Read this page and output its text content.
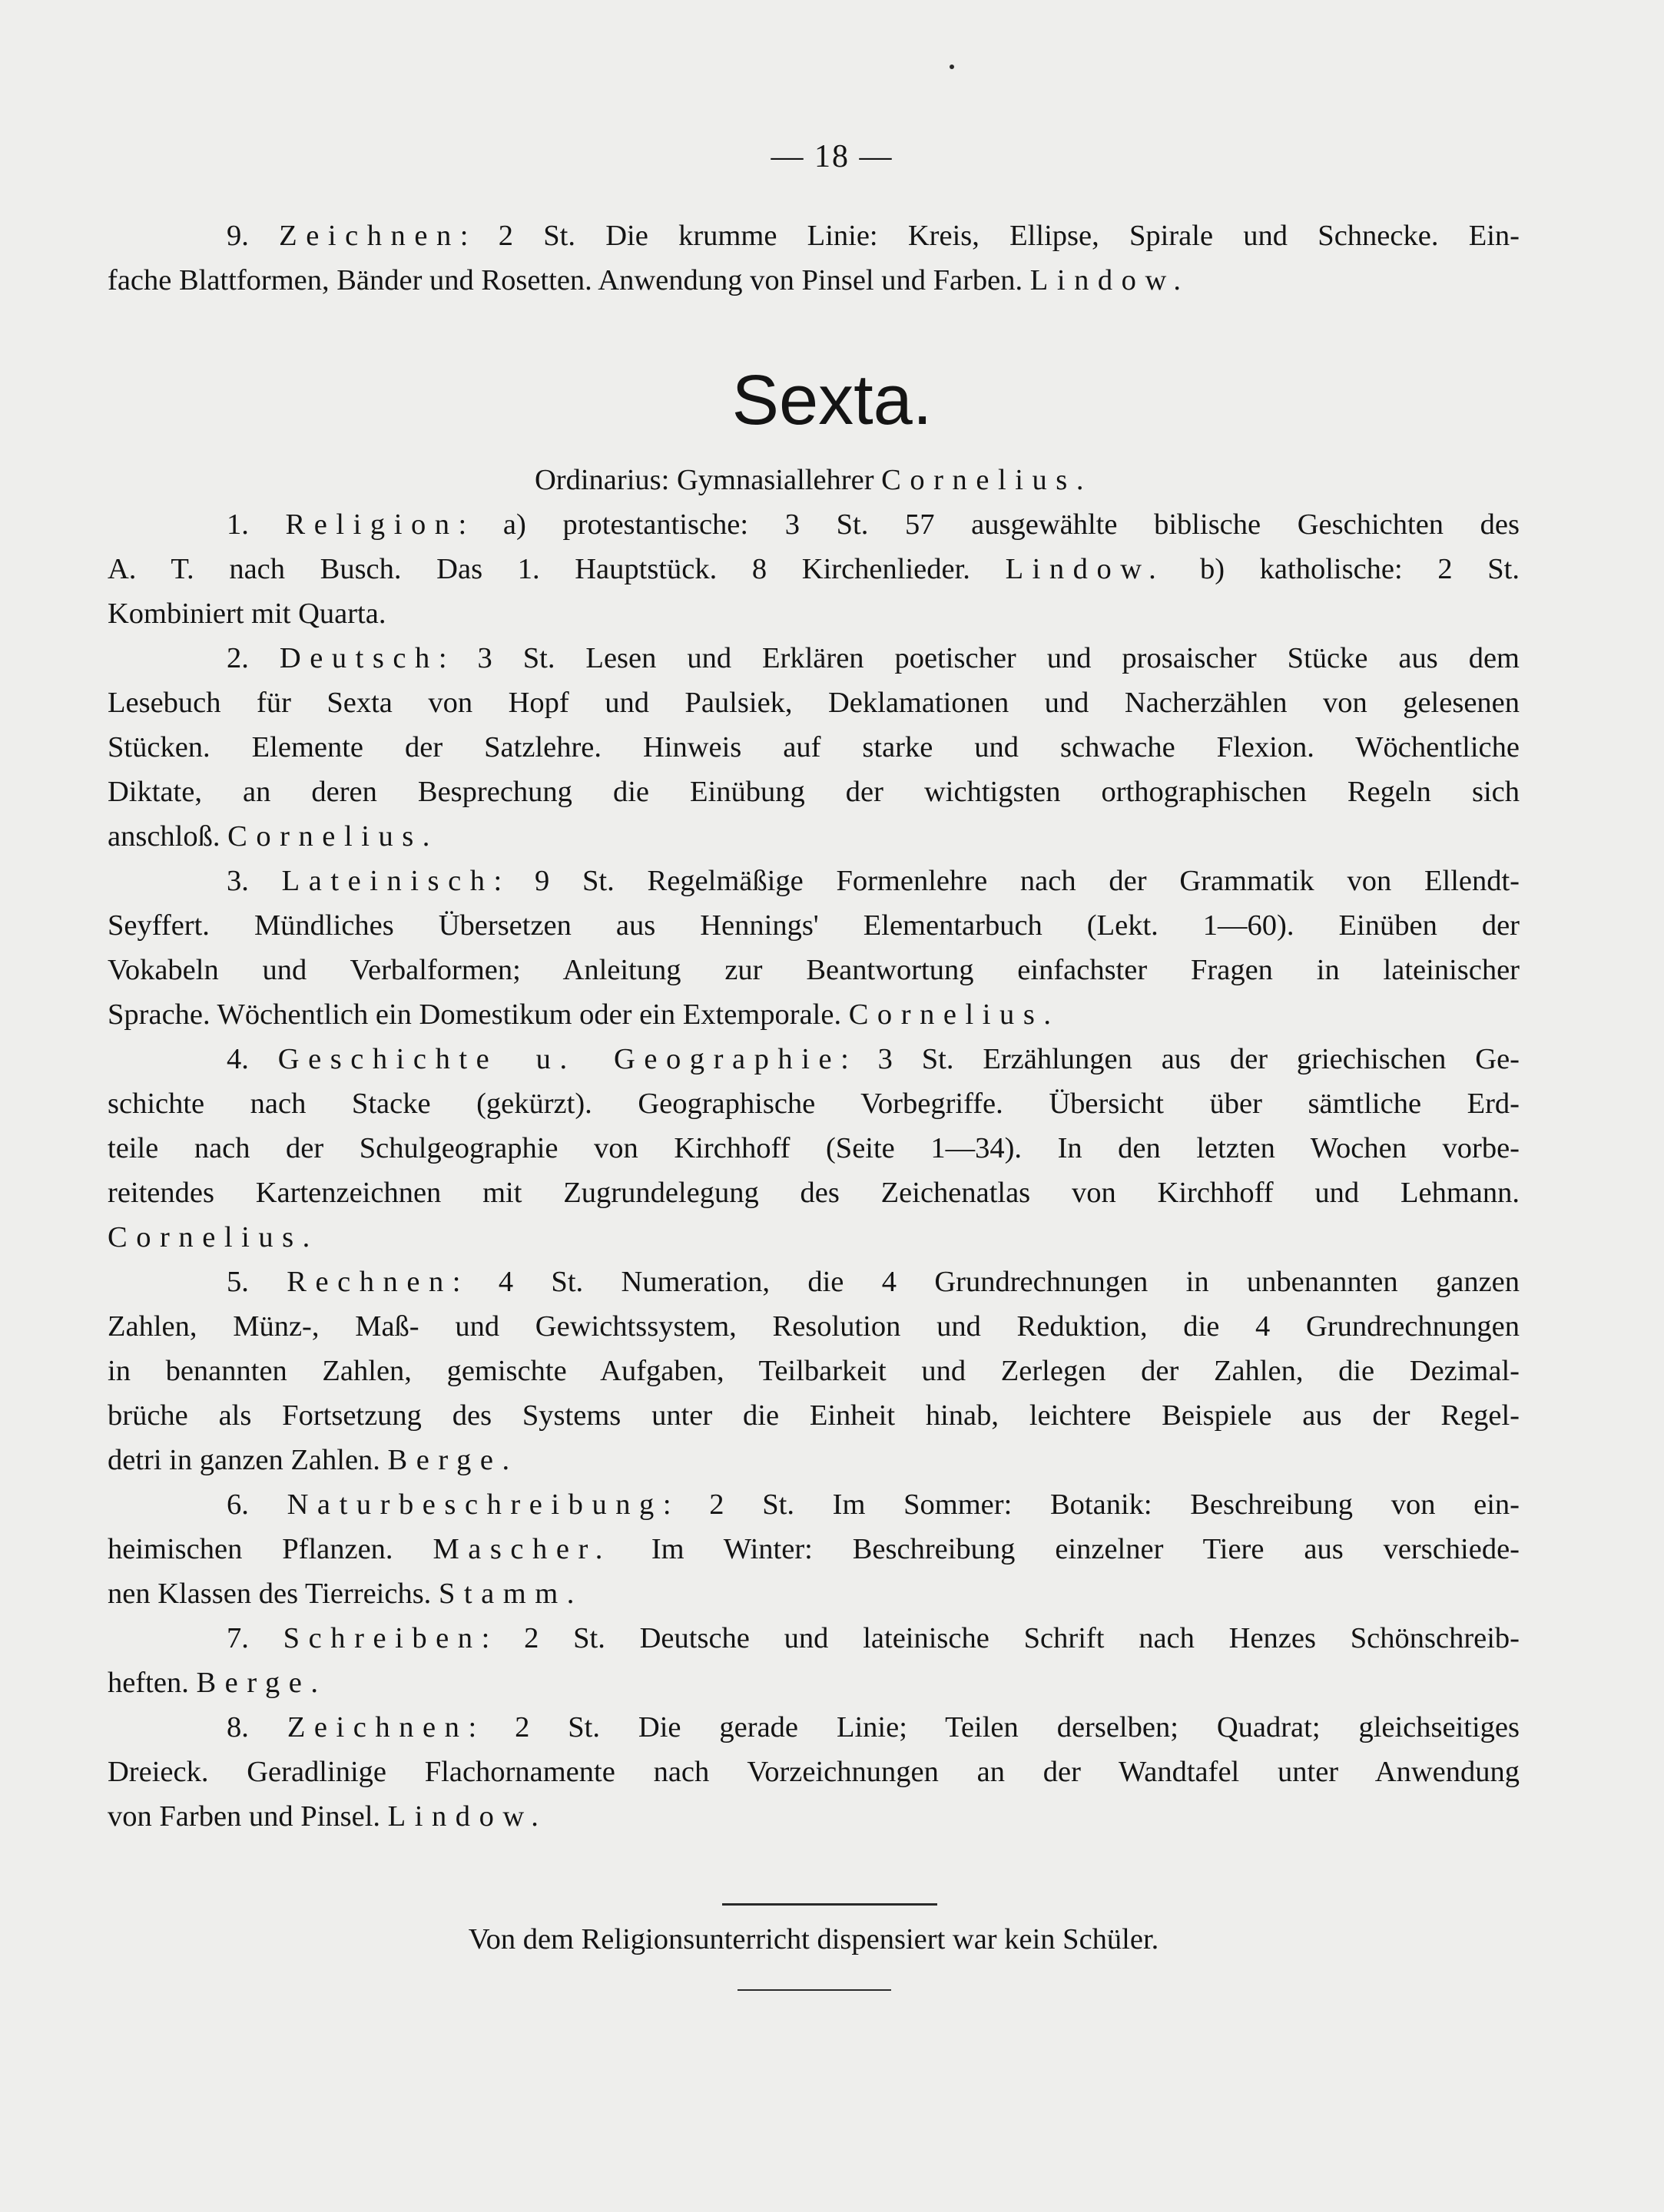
— 18 —
9. Zeichnen: 2 St. Die krumme Linie: Kreis, Ellipse, Spirale und Schnecke. Ein-
fache Blattformen, Bänder und Rosetten. Anwendung von Pinsel und Farben. Lindow.
Sexta.
Ordinarius: Gymnasiallehrer Cornelius.
1. Religion: a) protestantische: 3 St. 57 ausgewählte biblische Geschichten des
A. T. nach Busch. Das 1. Hauptstück. 8 Kirchenlieder. Lindow. b) katholische: 2 St.
Kombiniert mit Quarta.
2. Deutsch: 3 St. Lesen und Erklären poetischer und prosaischer Stücke aus dem
Lesebuch für Sexta von Hopf und Paulsiek, Deklamationen und Nacherzählen von gelesenen
Stücken. Elemente der Satzlehre. Hinweis auf starke und schwache Flexion. Wöchentliche
Diktate, an deren Besprechung die Einübung der wichtigsten orthographischen Regeln sich
anschloß. Cornelius.
3. Lateinisch: 9 St. Regelmäßige Formenlehre nach der Grammatik von Ellendt-
Seyffert. Mündliches Übersetzen aus Hennings' Elementarbuch (Lekt. 1—60). Einüben der
Vokabeln und Verbalformen; Anleitung zur Beantwortung einfachster Fragen in lateinischer
Sprache. Wöchentlich ein Domestikum oder ein Extemporale. Cornelius.
4. Geschichte u. Geographie: 3 St. Erzählungen aus der griechischen Ge-
schichte nach Stacke (gekürzt). Geographische Vorbegriffe. Übersicht über sämtliche Erd-
teile nach der Schulgeographie von Kirchhoff (Seite 1—34). In den letzten Wochen vorbe-
reitendes Kartenzeichnen mit Zugrundelegung des Zeichenatlas von Kirchhoff und Lehmann.
Cornelius.
5. Rechnen: 4 St. Numeration, die 4 Grundrechnungen in unbenannten ganzen
Zahlen, Münz-, Maß- und Gewichtssystem, Resolution und Reduktion, die 4 Grundrechnungen
in benannten Zahlen, gemischte Aufgaben, Teilbarkeit und Zerlegen der Zahlen, die Dezimal-
brüche als Fortsetzung des Systems unter die Einheit hinab, leichtere Beispiele aus der Regel-
detri in ganzen Zahlen. Berge.
6. Naturbeschreibung: 2 St. Im Sommer: Botanik: Beschreibung von ein-
heimischen Pflanzen. Mascher. Im Winter: Beschreibung einzelner Tiere aus verschiede-
nen Klassen des Tierreichs. Stamm.
7. Schreiben: 2 St. Deutsche und lateinische Schrift nach Henzes Schönschreib-
heften. Berge.
8. Zeichnen: 2 St. Die gerade Linie; Teilen derselben; Quadrat; gleichseitiges
Dreieck. Geradlinige Flachornamente nach Vorzeichnungen an der Wandtafel unter Anwendung
von Farben und Pinsel. Lindow.
Von dem Religionsunterricht dispensiert war kein Schüler.
